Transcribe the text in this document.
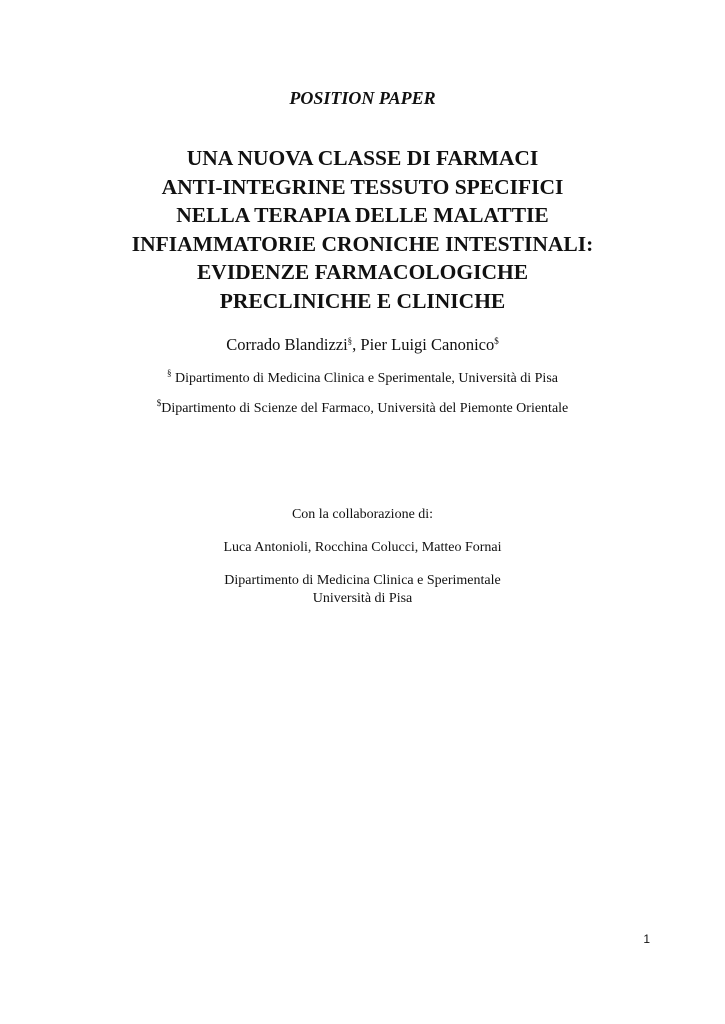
POSITION PAPER
UNA NUOVA CLASSE DI FARMACI
ANTI-INTEGRINE TESSUTO SPECIFICI
NELLA TERAPIA DELLE MALATTIE
INFIAMMATORIE CRONICHE INTESTINALI:
EVIDENZE FARMACOLOGICHE
PRECLINICHE E CLINICHE
Corrado Blandizzi§, Pier Luigi Canonico$
§ Dipartimento di Medicina Clinica e Sperimentale, Università di Pisa
$Dipartimento di Scienze del Farmaco, Università del Piemonte Orientale
Con la collaborazione di:
Luca Antonioli, Rocchina Colucci, Matteo Fornai
Dipartimento di Medicina Clinica e Sperimentale
Università di Pisa
1
